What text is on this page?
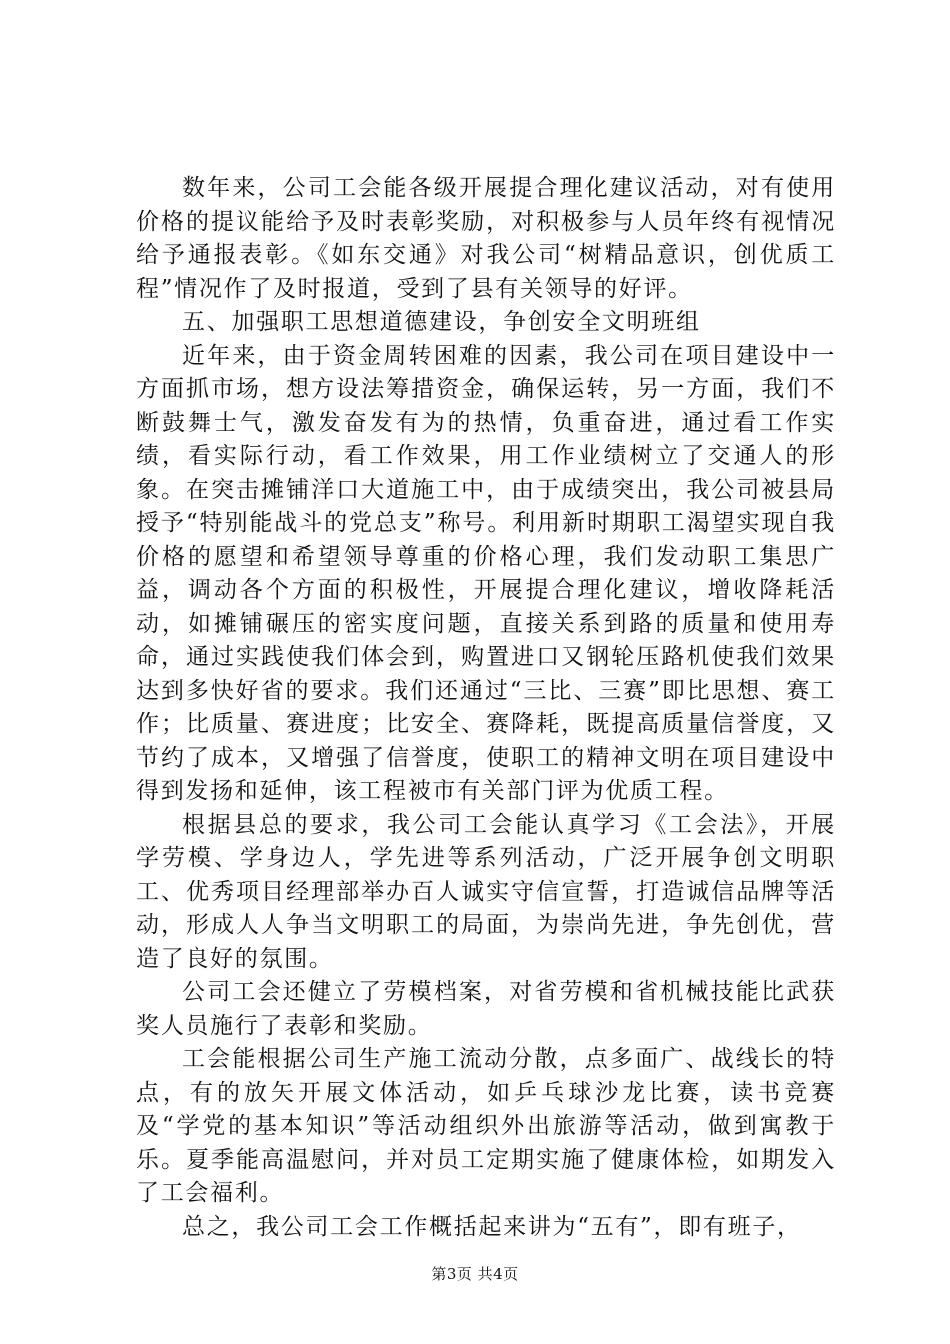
数年来，公司工会能各级开展提合理化建议活动，对有使用价格的提议能给予及时表彰奖励，对积极参与人员年终有视情况给予通报表彰。《如东交通》对我公司“树精品意识，创优质工程”情况作了及时报道，受到了县有关领导的好评。

五、加强职工思想道德建设，争创安全文明班组

近年来，由于资金周转困难的因素，我公司在项目建设中一方面抓市场，想方设法筹措资金，确保运转，另一方面，我们不断鼓舞士气，激发奋发有为的热情，负重奋进，通过看工作实绩，看实际行动，看工作效果，用工作业绩树立了交通人的形象。在突击摊铺洋口大道施工中，由于成绩突出，我公司被县局授予“特别能战斗的党总支”称号。利用新时期职工渴望实现自我价格的愿望和希望领导尊重的价格心理，我们发动职工集思广益，调动各个方面的积极性，开展提合理化建议，增收降耗活动，如摊铺碾压的密实度问题，直接关系到路的质量和使用寿命，通过实践使我们体会到，购置进口又钢轮压路机使我们效果达到多快好省的要求。我们还通过“三比、三赛”即比思想、赛工作；比质量、赛进度；比安全、赛降耗，既提高质量信誉度，又节约了成本，又增强了信誉度，使职工的精神文明在项目建设中得到发扬和延伸，该工程被市有关部门评为优质工程。

根据县总的要求，我公司工会能认真学习《工会法》，开展学劳模、学身边人，学先进等系列活动，广泛开展争创文明职工、优秀项目经理部举办百人诚实守信宣誓，打造诚信品牌等活动，形成人人争当文明职工的局面，为崇尚先进，争先创优，营造了良好的氛围。

公司工会还健立了劳模档案，对省劳模和省机械技能比武获奖人员施行了表彰和奖励。

工会能根据公司生产施工流动分散，点多面广、战线长的特点，有的放矢开展文体活动，如乒乓球沙龙比赛，读书竞赛及“学党的基本知识”等活动组织外出旅游等活动，做到寓教于乐。夏季能高温慰问，并对员工定期实施了健康体检，如期发入了工会福利。

总之，我公司工会工作概括起来讲为“五有”，即有班子，

第3页 共4页
